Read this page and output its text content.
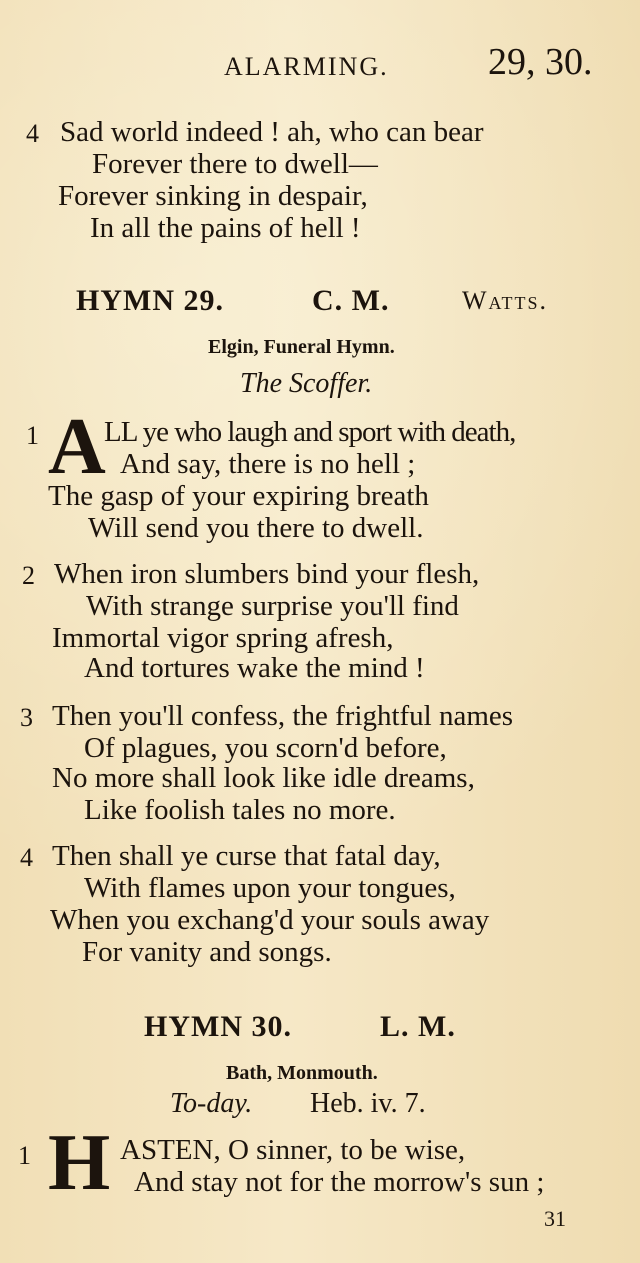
ALARMING.	29, 30.
4 Sad world indeed ! ah, who can bear
Forever there to dwell—
Forever sinking in despair,
In all the pains of hell !
HYMN 29.	C. M.	Watts.
Elgin, Funeral Hymn.
The Scoffer.
1 A
LL ye who laugh and sport with death,
And say, there is no hell ;
The gasp of your expiring breath
Will send you there to dwell.
2 When iron slumbers bind your flesh,
With strange surprise you'll find
Immortal vigor spring afresh,
And tortures wake the mind !
3 Then you'll confess, the frightful names
Of plagues, you scorn'd before,
No more shall look like idle dreams,
Like foolish tales no more.
4 Then shall ye curse that fatal day,
With flames upon your tongues,
When you exchang'd your souls away
For vanity and songs.
HYMN 30.	L. M.
Bath, Monmouth.
To-day. Heb. iv. 7.
1 H ASTEN, O sinner, to be wise,
And stay not for the morrow's sun ;
31
